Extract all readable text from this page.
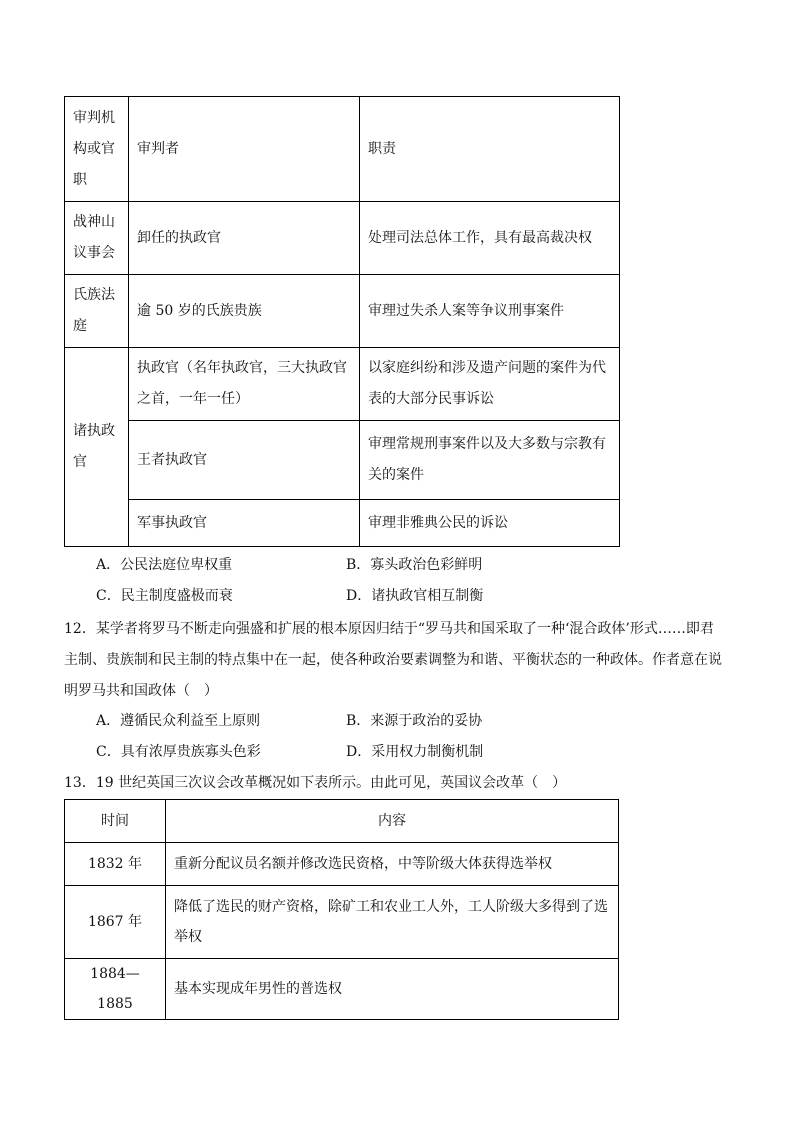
审判机构或官职	审判者	职责
战神山议事会	卸任的执政官	处理司法总体工作，具有最高裁决权
氏族法庭	逾 50 岁的氏族贵族	审理过失杀人案等争议刑事案件
诸执政官	执政官（名年执政官，三大执政官之首，一年一任）	以家庭纠纷和涉及遗产问题的案件为代表的大部分民事诉讼
	王者执政官	审理常规刑事案件以及大多数与宗教有关的案件
	军事执政官	审理非雅典公民的诉讼
A．公民法庭位卑权重	B．寡头政治色彩鲜明
C．民主制度盛极而衰	D．诸执政官相互制衡
12．某学者将罗马不断走向强盛和扩展的根本原因归结于“罗马共和国采取了一种‘混合政体’形式……即君主制、贵族制和民主制的特点集中在一起，使各种政治要素调整为和谐、平衡状态的一种政体。作者意在说明罗马共和国政体（　）
A．遵循民众利益至上原则	B．来源于政治的妥协
C．具有浓厚贵族寡头色彩	D．采用权力制衡机制
13．19 世纪英国三次议会改革概况如下表所示。由此可见，英国议会改革（　）
时间	内容
1832 年	重新分配议员名额并修改选民资格，中等阶级大体获得选举权
1867 年	降低了选民的财产资格，除矿工和农业工人外，工人阶级大多得到了选举权
1884—1885	基本实现成年男性的普选权
